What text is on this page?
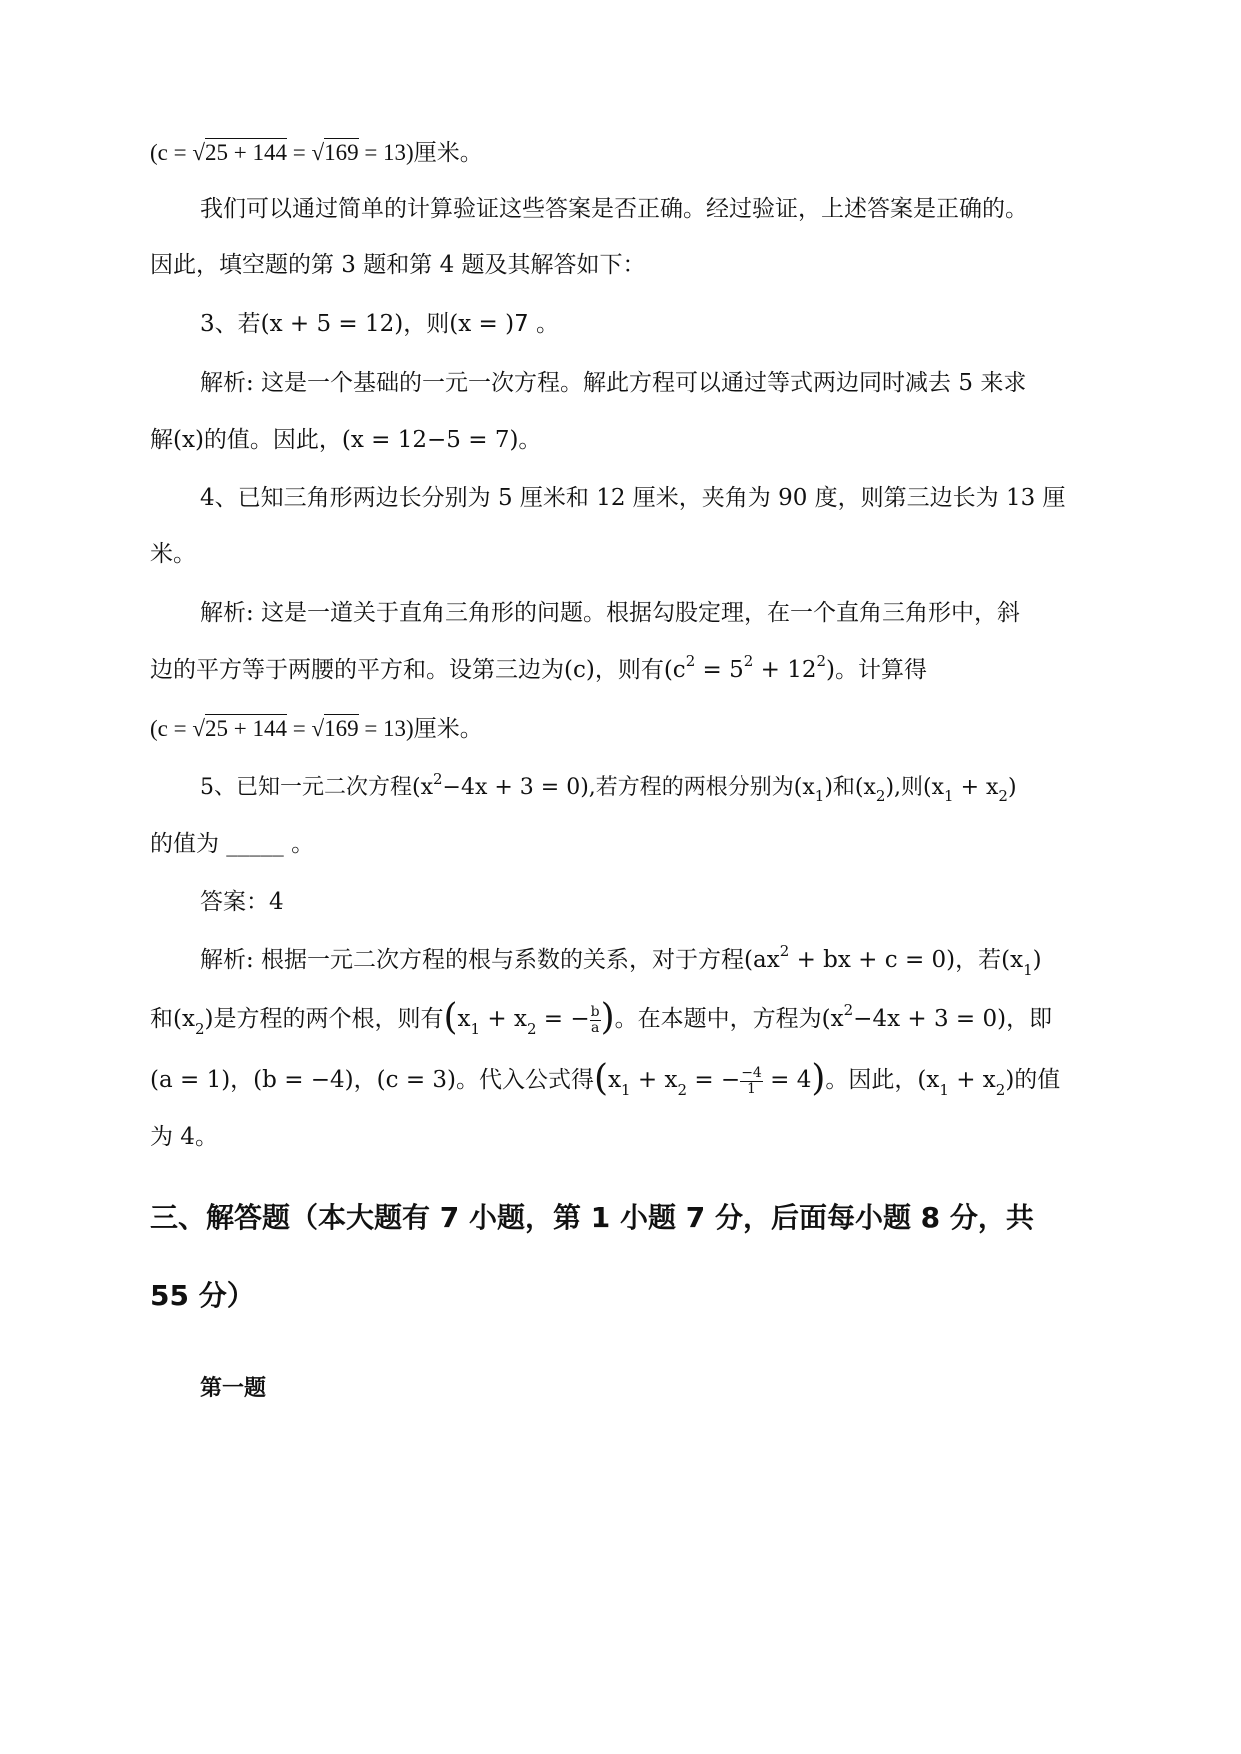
(c = √25 + 144 = √169 = 13)厘米。
我们可以通过简单的计算验证这些答案是否正确。经过验证，上述答案是正确的。
因此，填空题的第 3 题和第 4 题及其解答如下：
3、若(x + 5 = 12)，则(x = )7 。
解析: 这是一个基础的一元一次方程。解此方程可以通过等式两边同时减去 5 来求
解(x)的值。因此，(x = 12−5 = 7)。
4、已知三角形两边长分别为 5 厘米和 12 厘米，夹角为 90 度，则第三边长为 13 厘
米。
解析: 这是一道关于直角三角形的问题。根据勾股定理，在一个直角三角形中，斜
边的平方等于两腰的平方和。设第三边为(c)，则有$(c^2 = 5^2 + 12^2)$。计算得
(c = √25 + 144 = √169 = 13)厘米。
5、已知一元二次方程$(x^2-4x + 3 = 0)$,若方程的两根分别为$(x_1)$和$(x_2)$,则$(x_1 + x_2)$
的值为 _____ 。
答案：4
解析: 根据一元二次方程的根与系数的关系，对于方程($ax^2$ + bx + c = 0)，若$(x_1)$
和$(x_2)$是方程的两个根，则有($x_1 + x_2$ = − $\frac{b}{a}$ )。在本题中，方程为$(x^2-4x + 3 = 0)$，即
(a = 1)，(b = −4)，(c = 3)。代入公式得($x_1 + x_2$ = − $\frac{-4}{1} = 4$)。因此，$(x_1 + x_2)$的值
为 4。
三、解答题（本大题有 7 小题，第 1 小题 7 分，后面每小题 8 分，共
55 分）
第一题
